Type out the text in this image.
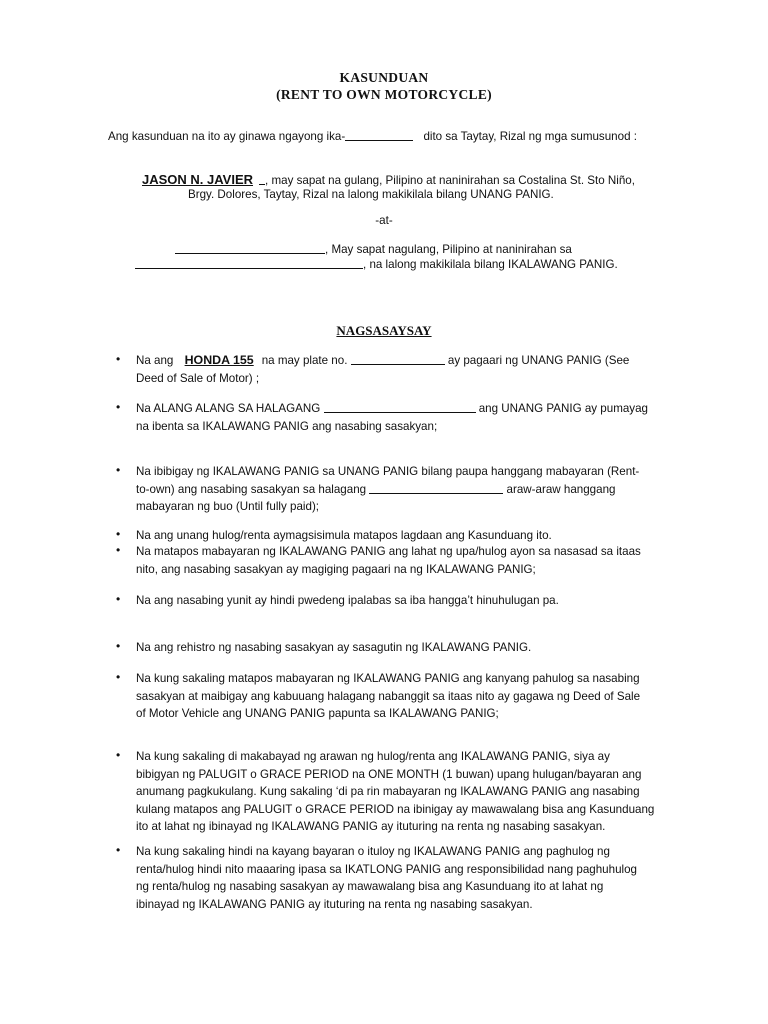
KASUNDUAN
(RENT TO OWN MOTORCYCLE)
Ang kasunduan na ito ay ginawa ngayong ika-	dito sa Taytay, Rizal ng mga sumusunod :
JASON N. JAVIER , may sapat na gulang, Pilipino at naninirahan sa Costalina St. Sto Niño,
Brgy. Dolores, Taytay, Rizal na lalong makikilala bilang UNANG PANIG.
-at-
, May sapat nagulang, Pilipino at naninirahan sa
, na lalong makikilala bilang IKALAWANG PANIG.
NAGSASAYSAY
• Na ang HONDA 155 na may plate no.	ay pagaari ng UNANG PANIG (See
Deed of Sale of Motor) ;
• Na ALANG ALANG SA HALAGANG	ang UNANG PANIG ay pumayag
na ibenta sa IKALAWANG PANIG ang nasabing sasakyan;
• Na ibibigay ng IKALAWANG PANIG sa UNANG PANIG bilang paupa hanggang mabayaran (Rent-
to-own) ang nasabing sasakyan sa halagang	araw-araw hanggang
mabayaran ng buo (Until fully paid);
• Na ang unang hulog/renta aymagsisimula matapos lagdaan ang Kasunduang ito.
• Na matapos mabayaran ng IKALAWANG PANIG ang lahat ng upa/hulog ayon sa nasasad sa itaas
nito, ang nasabing sasakyan ay magiging pagaari na ng IKALAWANG PANIG;
• Na ang nasabing yunit ay hindi pwedeng ipalabas sa iba hangga’t hinuhulugan pa.
• Na ang rehistro ng nasabing sasakyan ay sasagutin ng IKALAWANG PANIG.
• Na kung sakaling matapos mabayaran ng IKALAWANG PANIG ang kanyang pahulog sa nasabing
sasakyan at maibigay ang kabuuang halagang nabanggit sa itaas nito ay gagawa ng Deed of Sale
of Motor Vehicle ang UNANG PANIG papunta sa IKALAWANG PANIG;
• Na kung sakaling di makabayad ng arawan ng hulog/renta ang IKALAWANG PANIG, siya ay
bibigyan ng PALUGIT o GRACE PERIOD na ONE MONTH (1 buwan) upang hulugan/bayaran ang
anumang pagkukulang. Kung sakaling ‘di pa rin mabayaran ng IKALAWANG PANIG ang nasabing
kulang matapos ang PALUGIT o GRACE PERIOD na ibinigay ay mawawalang bisa ang Kasunduang
ito at lahat ng ibinayad ng IKALAWANG PANIG ay ituturing na renta ng nasabing sasakyan.
• Na kung sakaling hindi na kayang bayaran o ituloy ng IKALAWANG PANIG ang paghulog ng
renta/hulog hindi nito maaaring ipasa sa IKATLONG PANIG ang responsibilidad nang paghuhulog
ng renta/hulog ng nasabing sasakyan ay mawawalang bisa ang Kasunduang ito at lahat ng
ibinayad ng IKALAWANG PANIG ay ituturing na renta ng nasabing sasakyan.
